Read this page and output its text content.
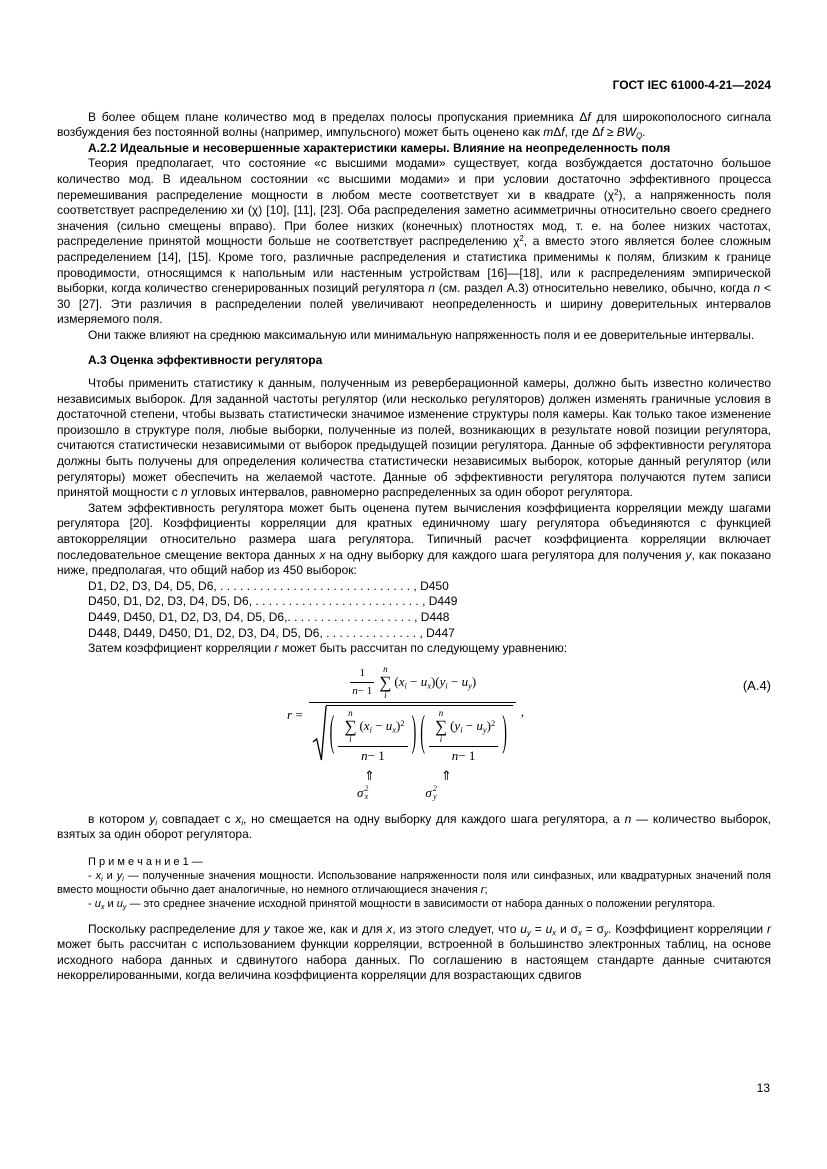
ГОСТ IEC 61000-4-21—2024

В более общем плане количество мод в пределах полосы пропускания приемника Δf для широкополосного сигнала возбуждения без постоянной волны (например, импульсного) может быть оценено как mΔf, где $\Delta f \ge BW_Q$.

А.2.2 Идеальные и несовершенные характеристики камеры. Влияние на неопределенность поля

Теория предполагает, что состояние «с высшими модами» существует, когда возбуждается достаточно большое количество мод. В идеальном состоянии «с высшими модами» и при условии достаточно эффективного процесса перемешивания распределение мощности в любом месте соответствует хи в квадрате $(\chi^2)$, а напряженность поля соответствует распределению хи (χ) [10], [11], [23]. Оба распределения заметно асимметричны относительно своего среднего значения (сильно смещены вправо). При более низких (конечных) плотностях мод, т. е. на более низких частотах, распределение принятой мощности больше не соответствует распределению $\chi^2$, а вместо этого является более сложным распределением [14], [15]. Кроме того, различные распределения и статистика применимы к полям, близким к границе проводимости, относящимся к напольным или настенным устройствам [16]—[18], или к распределениям эмпирической выборки, когда количество сгенерированных позиций регулятора n (см. раздел А.3) относительно невелико, обычно, когда n < 30 [27]. Эти различия в распределении полей увеличивают неопределенность и ширину доверительных интервалов измеряемого поля.

Они также влияют на среднюю максимальную или минимальную напряженность поля и ее доверительные интервалы.

А.3 Оценка эффективности регулятора

Чтобы применить статистику к данным, полученным из реверберационной камеры, должно быть известно количество независимых выборок. Для заданной частоты регулятор (или несколько регуляторов) должен изменять граничные условия в достаточной степени, чтобы вызвать статистически значимое изменение структуры поля камеры. Как только такое изменение произошло в структуре поля, любые выборки, полученные из полей, возникающих в результате новой позиции регулятора, считаются статистически независимыми от выборок предыдущей позиции регулятора. Данные об эффективности регулятора должны быть получены для определения количества статистически независимых выборок, которые данный регулятор (или регуляторы) может обеспечить на желаемой частоте. Данные об эффективности регулятора получаются путем записи принятой мощности с n угловых интервалов, равномерно распределенных за один оборот регулятора.

Затем эффективность регулятора может быть оценена путем вычисления коэффициента корреляции между шагами регулятора [20]. Коэффициенты корреляции для кратных единичному шагу регулятора объединяются с функцией автокорреляции относительно размера шага регулятора. Типичный расчет коэффициента корреляции включает последовательное смещение вектора данных x на одну выборку для каждого шага регулятора для получения y, как показано ниже, предполагая, что общий набор из 450 выборок:

D1, D2, D3, D4, D5, D6, . . . . . . . . . . . . . . . . . . . . . . . . . . . . . , D450
D450, D1, D2, D3, D4, D5, D6, . . . . . . . . . . . . . . . . . . . . . . . . . , D449
D449, D450, D1, D2, D3, D4, D5, D6,. . . . . . . . . . . . . . . . . . . , D448
D448, D449, D450, D1, D2, D3, D4, D5, D6, . . . . . . . . . . . . . . , D447

Затем коэффициент корреляции r может быть рассчитан по следующему уравнению:

r =
$\frac{1}{n - 1}$ n
∑
i
$(x_i - u_x)(y_i - u_y)$
( n
∑
i
$(x_i - u_x)^2$
n − 1 ) ( n
∑
i
$(y_i - u_y)^2$
n − 1 )
,
(А.4)
⇑	⇑
σ 2
x	σ 2
y

в котором $y_i$ совпадает с $x_i$, но смещается на одну выборку для каждого шага регулятора, а n — количество выборок, взятых за один оборот регулятора.

П р и м е ч а н и е 1 —

- $x_i$ и $y_i$ — полученные значения мощности. Использование напряженности поля или синфазных, или квадратурных значений поля вместо мощности обычно дает аналогичные, но немного отличающиеся значения r;

- $u_x$ и $u_y$ — это среднее значение исходной принятой мощности в зависимости от набора данных о положении регулятора.

Поскольку распределение для y такое же, как и для x, из этого следует, что $u_y = u_x$ и $\sigma_x = \sigma_y$. Коэффициент корреляции r может быть рассчитан с использованием функции корреляции, встроенной в большинство электронных таблиц, на основе исходного набора данных и сдвинутого набора данных. По соглашению в настоящем стандарте данные считаются некоррелированными, когда величина коэффициента корреляции для возрастающих сдвигов

13
